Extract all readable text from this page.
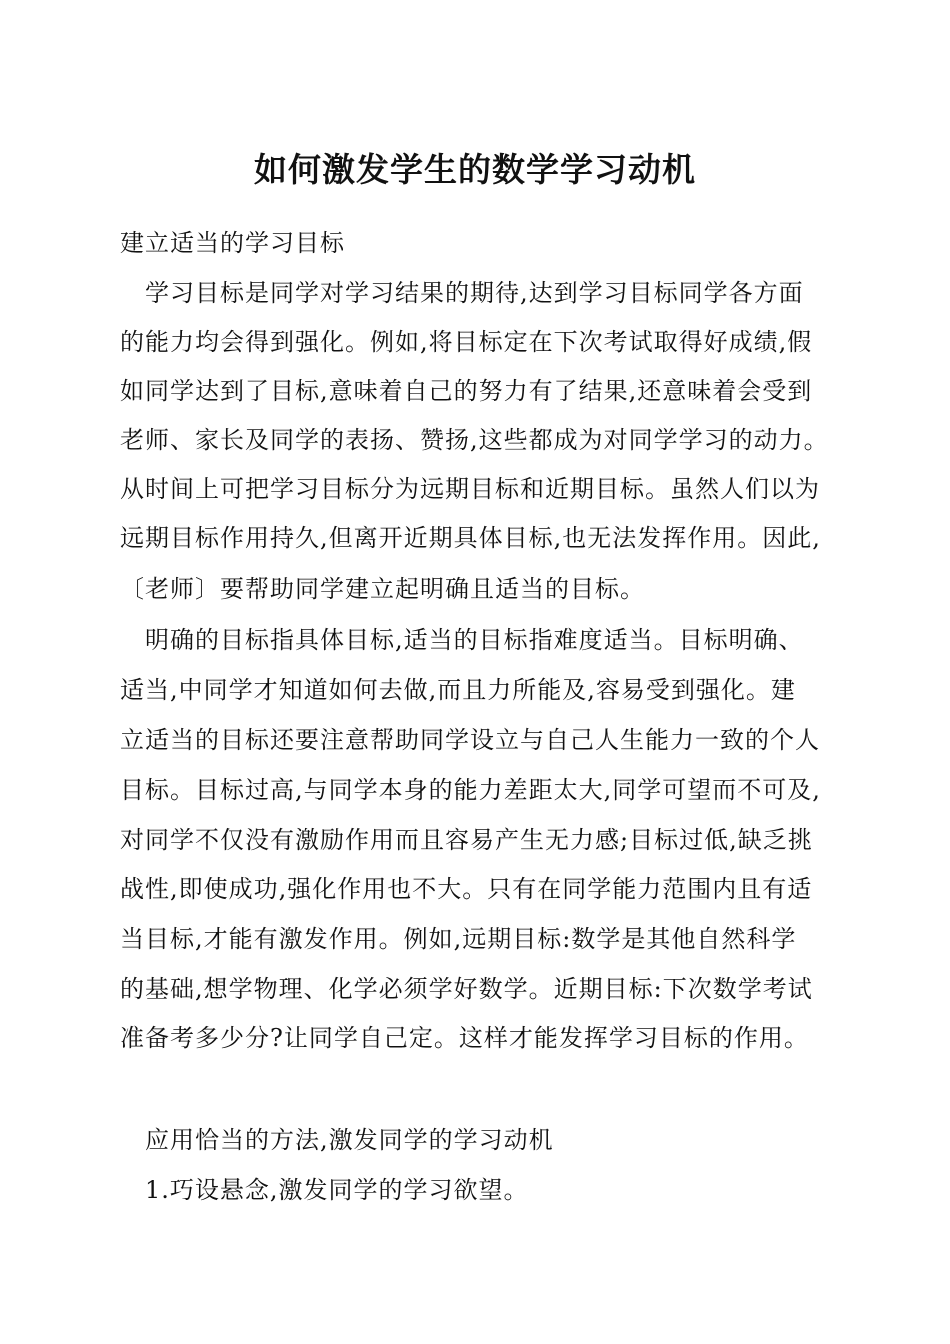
如何激发学生的数学学习动机
建立适当的学习目标
学习目标是同学对学习结果的期待,达到学习目标同学各方面
的能力均会得到强化。例如,将目标定在下次考试取得好成绩,假
如同学达到了目标,意味着自己的努力有了结果,还意味着会受到
老师、家长及同学的表扬、赞扬,这些都成为对同学学习的动力。
从时间上可把学习目标分为远期目标和近期目标。虽然人们以为
远期目标作用持久,但离开近期具体目标,也无法发挥作用。因此,
〔老师〕要帮助同学建立起明确且适当的目标。
明确的目标指具体目标,适当的目标指难度适当。目标明确、
适当,中同学才知道如何去做,而且力所能及,容易受到强化。建
立适当的目标还要注意帮助同学设立与自己人生能力一致的个人
目标。目标过高,与同学本身的能力差距太大,同学可望而不可及,
对同学不仅没有激励作用而且容易产生无力感;目标过低,缺乏挑
战性,即使成功,强化作用也不大。只有在同学能力范围内且有适
当目标,才能有激发作用。例如,远期目标:数学是其他自然科学
的基础,想学物理、化学必须学好数学。近期目标:下次数学考试
准备考多少分?让同学自己定。这样才能发挥学习目标的作用。
应用恰当的方法,激发同学的学习动机
1.巧设悬念,激发同学的学习欲望。
